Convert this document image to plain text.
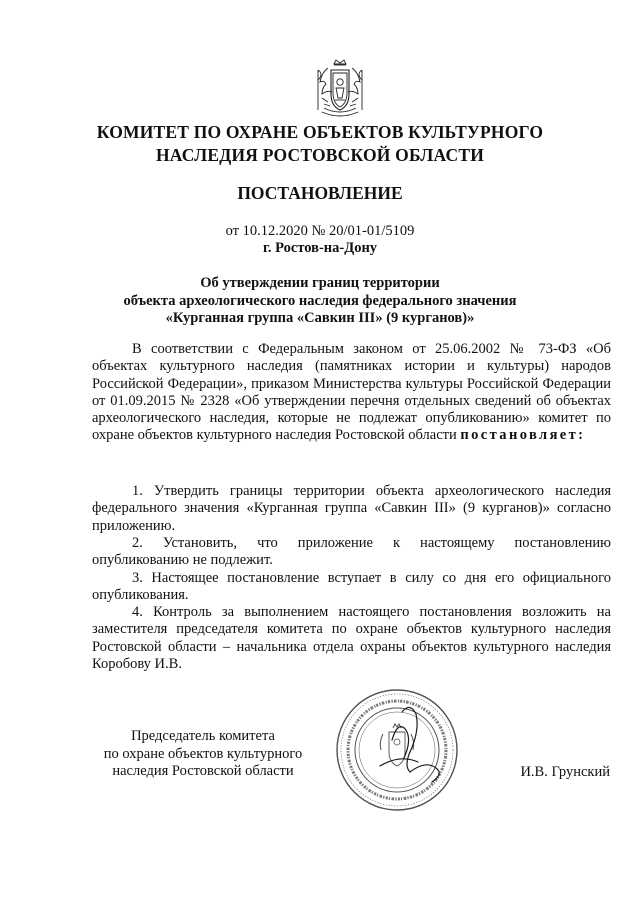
КОМИТЕТ ПО ОХРАНЕ ОБЪЕКТОВ КУЛЬТУРНОГО
НАСЛЕДИЯ РОСТОВСКОЙ ОБЛАСТИ
ПОСТАНОВЛЕНИЕ
от 10.12.2020 № 20/01-01/5109
г. Ростов-на-Дону
Об утверждении границ территории
объекта археологического наследия федерального значения
«Курганная группа «Савкин III» (9 курганов)»
В соответствии с Федеральным законом от 25.06.2002 № 73-ФЗ «Об объектах культурного наследия (памятниках истории и культуры) народов Российской Федерации», приказом Министерства культуры Российской Федерации от 01.09.2015 № 2328 «Об утверждении перечня отдельных сведений об объектах археологического наследия, которые не подлежат опубликованию» комитет по охране объектов культурного наследия Ростовской области постановляет:
1. Утвердить границы территории объекта археологического наследия федерального значения «Курганная группа «Савкин III» (9 курганов)» согласно приложению.
2. Установить, что приложение к настоящему постановлению опубликованию не подлежит.
3. Настоящее постановление вступает в силу со дня его официального опубликования.
4. Контроль за выполнением настоящего постановления возложить на заместителя председателя комитета по охране объектов культурного наследия Ростовской области – начальника отдела охраны объектов культурного наследия Коробову И.В.
Председатель комитета
по охране объектов культурного
наследия Ростовской области	И.В. Грунский
